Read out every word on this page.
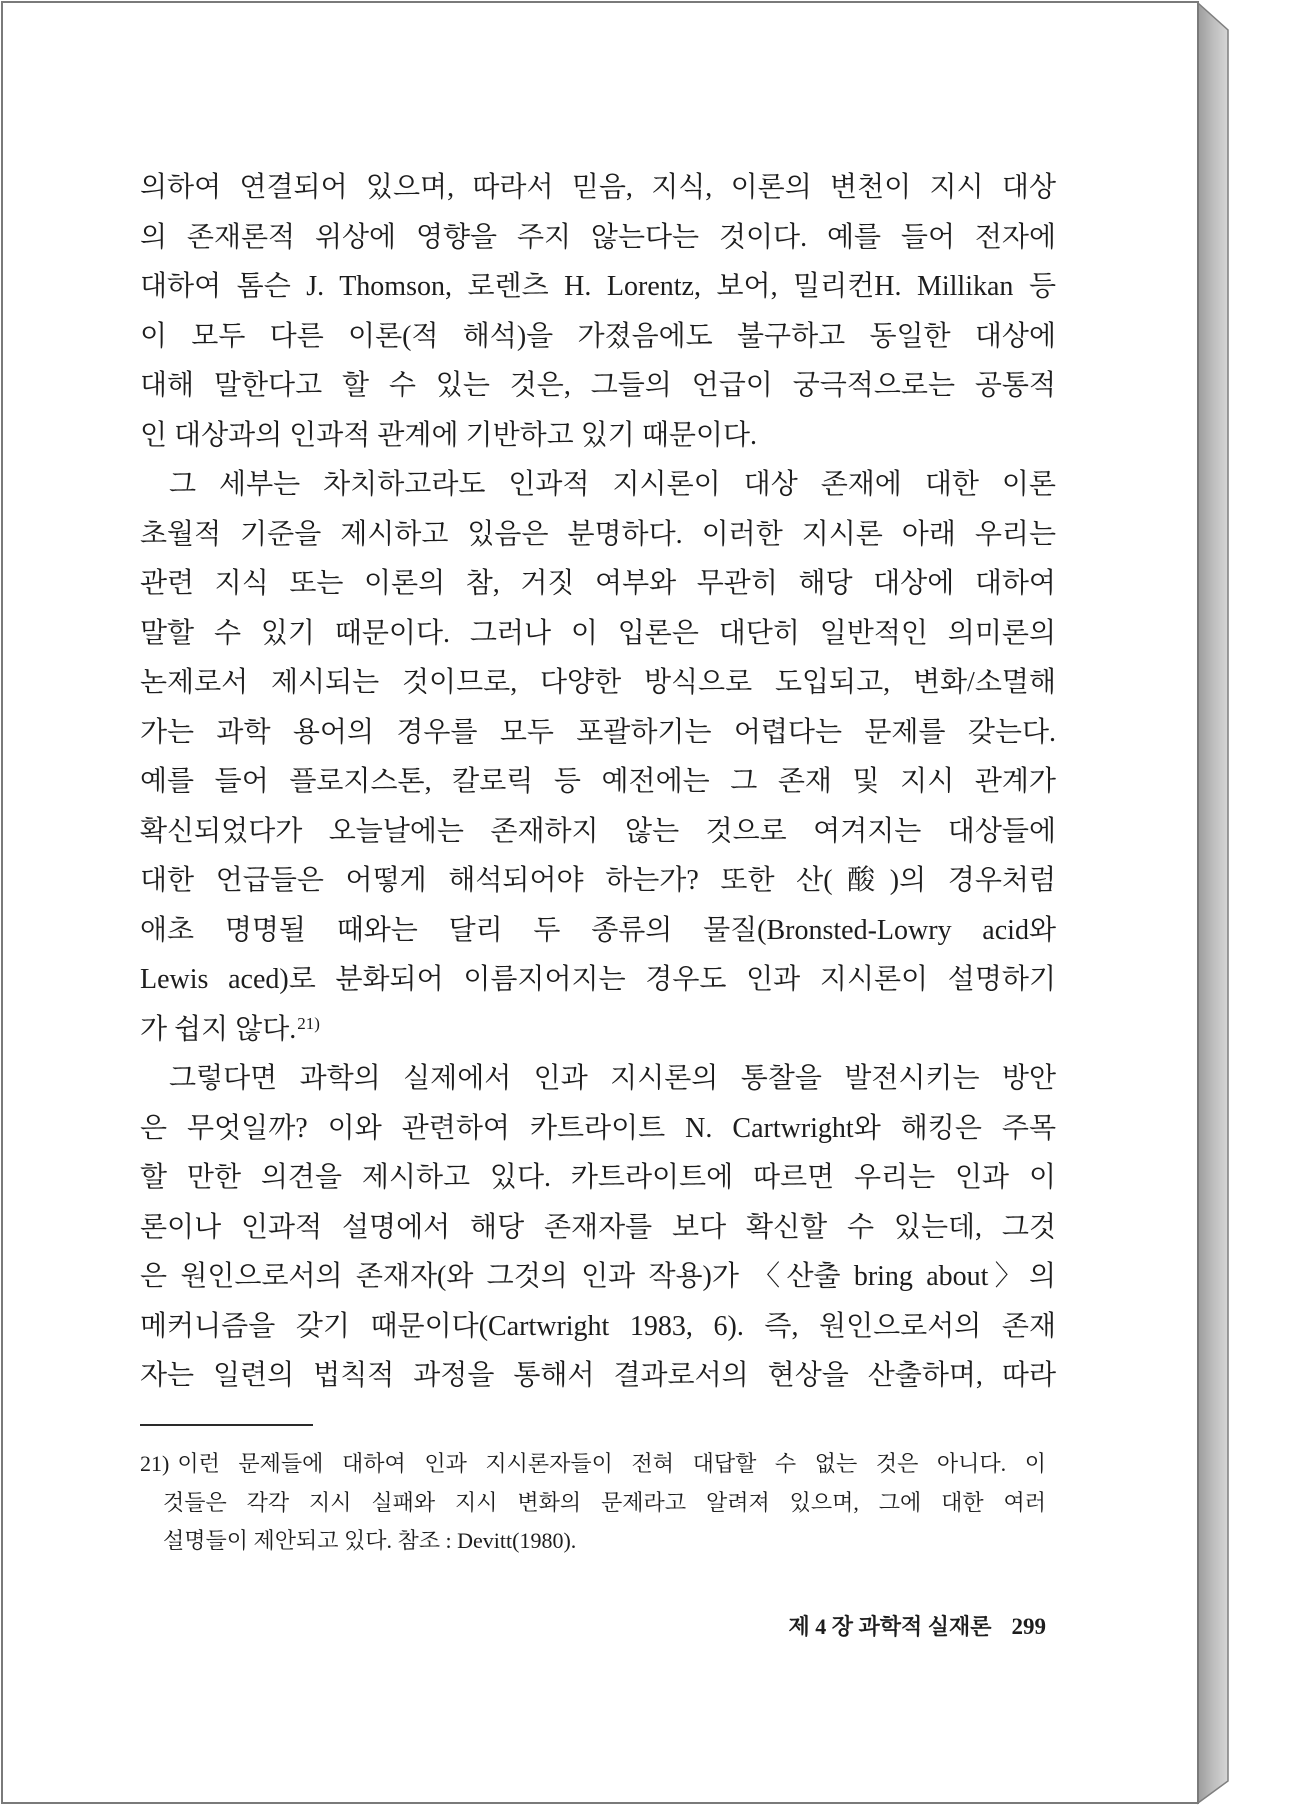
의하여 연결되어 있으며, 따라서 믿음, 지식, 이론의 변천이 지시 대상
의 존재론적 위상에 영향을 주지 않는다는 것이다. 예를 들어 전자에
대하여 톰슨 J. Thomson, 로렌츠 H. Lorentz, 보어, 밀리컨H. Millikan 등
이 모두 다른 이론(적 해석)을 가졌음에도 불구하고 동일한 대상에
대해 말한다고 할 수 있는 것은, 그들의 언급이 궁극적으로는 공통적
인 대상과의 인과적 관계에 기반하고 있기 때문이다.
그 세부는 차치하고라도 인과적 지시론이 대상 존재에 대한 이론
초월적 기준을 제시하고 있음은 분명하다. 이러한 지시론 아래 우리는
관련 지식 또는 이론의 참, 거짓 여부와 무관히 해당 대상에 대하여
말할 수 있기 때문이다. 그러나 이 입론은 대단히 일반적인 의미론의
논제로서 제시되는 것이므로, 다양한 방식으로 도입되고, 변화/소멸해
가는 과학 용어의 경우를 모두 포괄하기는 어렵다는 문제를 갖는다.
예를 들어 플로지스톤, 칼로릭 등 예전에는 그 존재 및 지시 관계가
확신되었다가 오늘날에는 존재하지 않는 것으로 여겨지는 대상들에
대한 언급들은 어떻게 해석되어야 하는가? 또한 산(酸)의 경우처럼
애초 명명될 때와는 달리 두 종류의 물질(Bronsted-Lowry acid와
Lewis aced)로 분화되어 이름지어지는 경우도 인과 지시론이 설명하기
가 쉽지 않다.$^{21)}$
그렇다면 과학의 실제에서 인과 지시론의 통찰을 발전시키는 방안
은 무엇일까? 이와 관련하여 카트라이트 N. Cartwright와 해킹은 주목
할 만한 의견을 제시하고 있다. 카트라이트에 따르면 우리는 인과 이
론이나 인과적 설명에서 해당 존재자를 보다 확신할 수 있는데, 그것
은 원인으로서의 존재자(와 그것의 인과 작용)가 〈산출 bring about〉의
메커니즘을 갖기 때문이다(Cartwright 1983, 6). 즉, 원인으로서의 존재
자는 일련의 법칙적 과정을 통해서 결과로서의 현상을 산출하며, 따라
21) 이런 문제들에 대하여 인과 지시론자들이 전혀 대답할 수 없는 것은 아니다. 이
것들은 각각 지시 실패와 지시 변화의 문제라고 알려져 있으며, 그에 대한 여러
설명들이 제안되고 있다. 참조 : Devitt(1980).
제 4 장 과학적 실재론 299
